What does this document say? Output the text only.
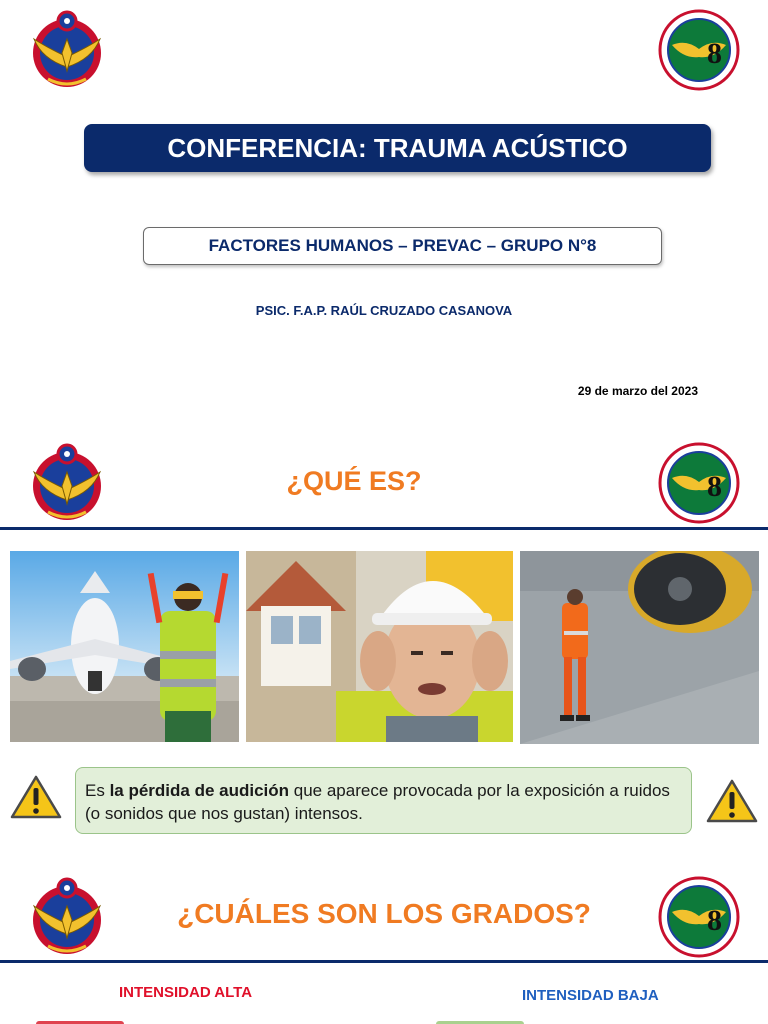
8
CONFERENCIA: TRAUMA ACÚSTICO
FACTORES HUMANOS – PREVAC – GRUPO N°8
PSIC. F.A.P. RAÚL CRUZADO CASANOVA
29 de marzo del 2023
¿QUÉ ES?	8
Es la pérdida de audición que aparece provocada por la exposición a ruidos (o sonidos que nos gustan) intensos.
¿CUÁLES SON LOS GRADOS?	8
INTENSIDAD ALTA	INTENSIDAD BAJA
